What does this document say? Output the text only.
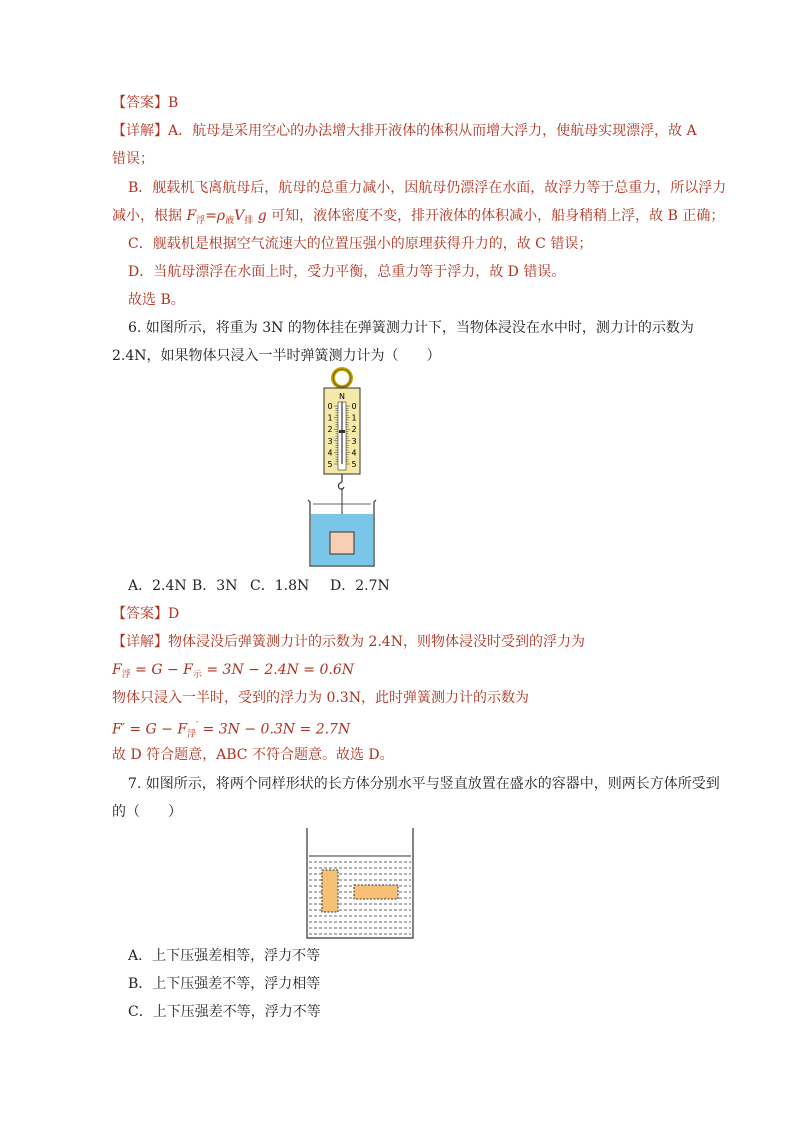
【答案】B
【详解】A．航母是采用空心的办法增大排开液体的体积从而增大浮力，使航母实现漂浮，故 A
错误；
B．舰载机飞离航母后，航母的总重力减小，因航母仍漂浮在水面，故浮力等于总重力，所以浮力
减小，根据 $F_浮=\rho_液V_排$ g 可知，液体密度不变，排开液体的体积减小，船身稍稍上浮，故 B 正确；
C．舰载机是根据空气流速大的位置压强小的原理获得升力的，故 C 错误；
D．当航母漂浮在水面上时，受力平衡，总重力等于浮力，故 D 错误。
故选 B。
6. 如图所示，将重为 3N 的物体挂在弹簧测力计下，当物体浸没在水中时，测力计的示数为
2.4N，如果物体只浸入一半时弹簧测力计为（　　）
N
0 0
1 1
2 2
3 3
4 4
5 5
A．2.4N B．3N C．1.8N D．2.7N
【答案】D
【详解】物体浸没后弹簧测力计的示数为 2.4N，则物体浸没时受到的浮力为
$F_浮 = G - F_示 = 3N - 2.4N = 0.6N$
物体只浸入一半时，受到的浮力为 0.3N，此时弹簧测力计的示数为
$F' = G - F_浮' = 3N - 0.3N = 2.7N$
故 D 符合题意，ABC 不符合题意。故选 D。
7. 如图所示，将两个同样形状的长方体分别水平与竖直放置在盛水的容器中，则两长方体所受到
的（　　）
A．上下压强差相等，浮力不等
B．上下压强差不等，浮力相等
C．上下压强差不等，浮力不等
